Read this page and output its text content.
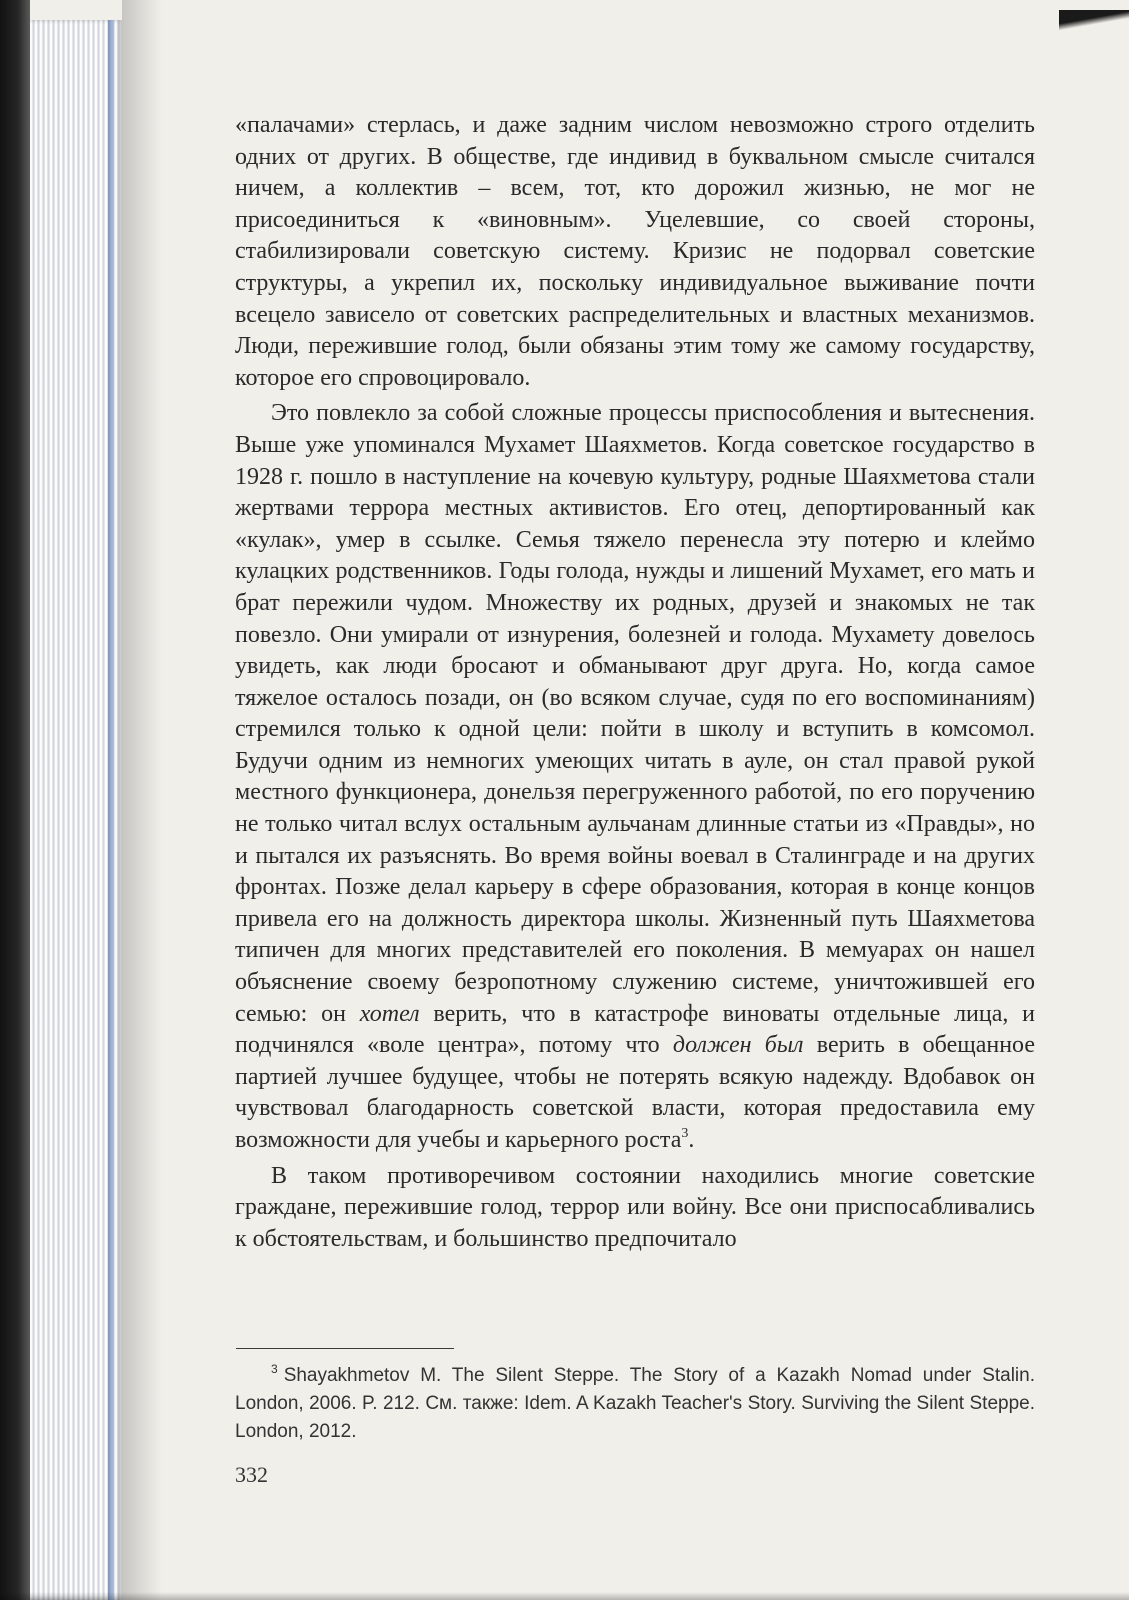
«палачами» стерлась, и даже задним числом невозможно строго отделить одних от других. В обществе, где индивид в буквальном смысле считался ничем, а коллектив – всем, тот, кто дорожил жизнью, не мог не присоединиться к «виновным». Уцелевшие, со своей стороны, стабилизировали советскую систему. Кризис не подорвал советские структуры, а укрепил их, поскольку индивидуальное выживание почти всецело зависело от советских распределительных и властных механизмов. Люди, пережившие голод, были обязаны этим тому же самому государству, которое его спровоцировало.

Это повлекло за собой сложные процессы приспособления и вытеснения. Выше уже упоминался Мухамет Шаяхметов. Когда советское государство в 1928 г. пошло в наступление на кочевую культуру, родные Шаяхметова стали жертвами террора местных активистов. Его отец, депортированный как «кулак», умер в ссылке. Семья тяжело перенесла эту потерю и клеймо кулацких родственников. Годы голода, нужды и лишений Мухамет, его мать и брат пережили чудом. Множеству их родных, друзей и знакомых не так повезло. Они умирали от изнурения, болезней и голода. Мухамету довелось увидеть, как люди бросают и обманывают друг друга. Но, когда самое тяжелое осталось позади, он (во всяком случае, судя по его воспоминаниям) стремился только к одной цели: пойти в школу и вступить в комсомол. Будучи одним из немногих умеющих читать в ауле, он стал правой рукой местного функционера, донельзя перегруженного работой, по его поручению не только читал вслух остальным аульчанам длинные статьи из «Правды», но и пытался их разъяснять. Во время войны воевал в Сталинграде и на других фронтах. Позже делал карьеру в сфере образования, которая в конце концов привела его на должность директора школы. Жизненный путь Шаяхметова типичен для многих представителей его поколения. В мемуарах он нашел объяснение своему безропотному служению системе, уничтожившей его семью: он хотел верить, что в катастрофе виноваты отдельные лица, и подчинялся «воле центра», потому что должен был верить в обещанное партией лучшее будущее, чтобы не потерять всякую надежду. Вдобавок он чувствовал благодарность советской власти, которая предоставила ему возможности для учебы и карьерного роста$^3$.

В таком противоречивом состоянии находились многие советские граждане, пережившие голод, террор или войну. Все они приспосабливались к обстоятельствам, и большинство предпочитало

$^3$ Shayakhmetov M. The Silent Steppe. The Story of a Kazakh Nomad under Stalin. London, 2006. P. 212. См. также: Idem. A Kazakh Teacher's Story. Surviving the Silent Steppe. London, 2012.
332
